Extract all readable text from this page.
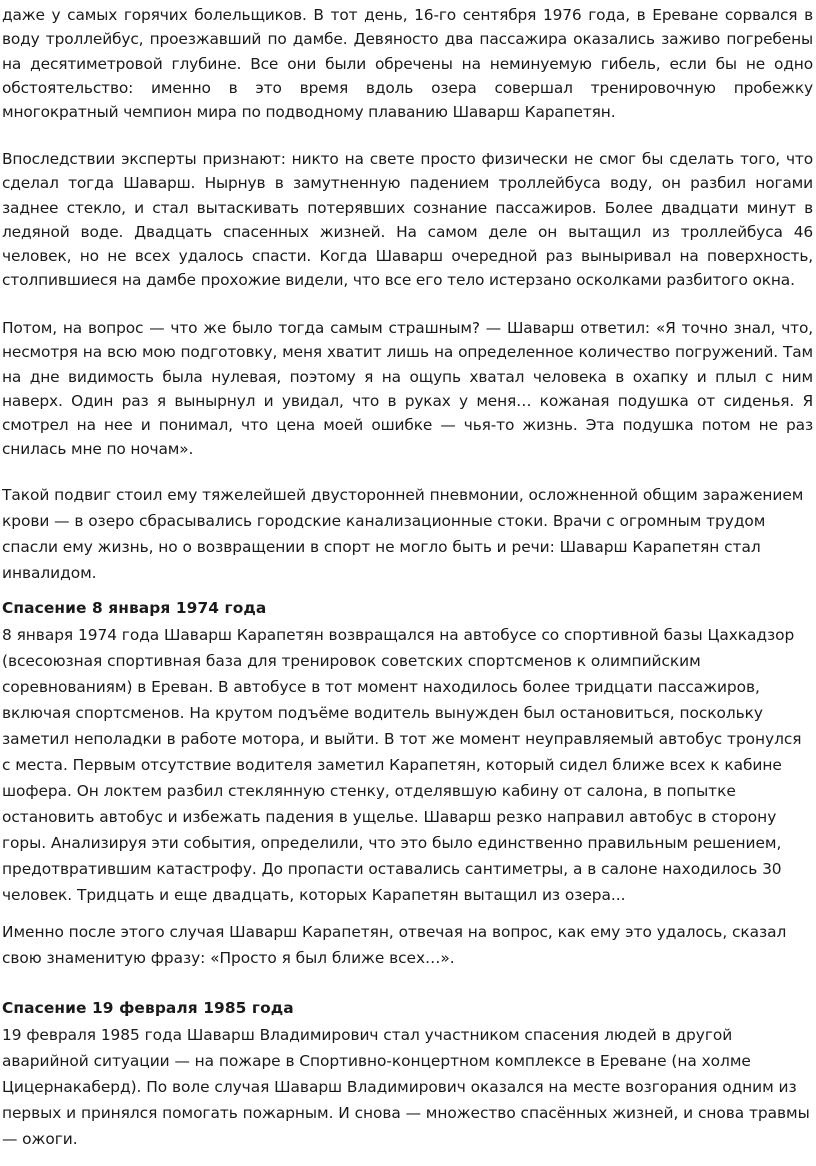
даже у самых горячих болельщиков. В тот день, 16-го сентября 1976 года, в Ереване сорвался в воду троллейбус, проезжавший по дамбе. Девяносто два пассажира оказались заживо погребены на десятиметровой глубине. Все они были обречены на неминуемую гибель, если бы не одно обстоятельство: именно в это время вдоль озера совершал тренировочную пробежку многократный чемпион мира по подводному плаванию Шаварш Карапетян.

Впоследствии эксперты признают: никто на свете просто физически не смог бы сделать того, что сделал тогда Шаварш. Нырнув в замутненную падением троллейбуса воду, он разбил ногами заднее стекло, и стал вытаскивать потерявших сознание пассажиров. Более двадцати минут в ледяной воде. Двадцать спасенных жизней. На самом деле он вытащил из троллейбуса 46 человек, но не всех удалось спасти. Когда Шаварш очередной раз выныривал на поверхность, столпившиеся на дамбе прохожие видели, что все его тело истерзано осколками разбитого окна.

Потом, на вопрос — что же было тогда самым страшным? — Шаварш ответил: «Я точно знал, что, несмотря на всю мою подготовку, меня хватит лишь на определенное количество погружений. Там на дне видимость была нулевая, поэтому я на ощупь хватал человека в охапку и плыл с ним наверх. Один раз я вынырнул и увидал, что в руках у меня… кожаная подушка от сиденья. Я смотрел на нее и понимал, что цена моей ошибке — чья-то жизнь. Эта подушка потом не раз снилась мне по ночам».

Такой подвиг стоил ему тяжелейшей двусторонней пневмонии, осложненной общим заражением крови — в озеро сбрасывались городские канализационные стоки. Врачи с огромным трудом спасли ему жизнь, но о возвращении в спорт не могло быть и речи: Шаварш Карапетян стал инвалидом.

Спасение 8 января 1974 года

8 января 1974 года Шаварш Карапетян возвращался на автобусе со спортивной базы Цахкадзор (всесоюзная спортивная база для тренировок советских спортсменов к олимпийским соревнованиям) в Ереван. В автобусе в тот момент находилось более тридцати пассажиров, включая спортсменов. На крутом подъёме водитель вынужден был остановиться, поскольку заметил неполадки в работе мотора, и выйти. В тот же момент неуправляемый автобус тронулся с места. Первым отсутствие водителя заметил Карапетян, который сидел ближе всех к кабине шофера. Он локтем разбил стеклянную стенку, отделявшую кабину от салона, в попытке остановить автобус и избежать падения в ущелье. Шаварш резко направил автобус в сторону горы. Анализируя эти события, определили, что это было единственно правильным решением, предотвратившим катастрофу. До пропасти оставались сантиметры, а в салоне находилось 30 человек. Тридцать и еще двадцать, которых Карапетян вытащил из озера...

Именно после этого случая Шаварш Карапетян, отвечая на вопрос, как ему это удалось, сказал свою знаменитую фразу: «Просто я был ближе всех…».

Спасение 19 февраля 1985 года

19 февраля 1985 года Шаварш Владимирович стал участником спасения людей в другой аварийной ситуации — на пожаре в Спортивно-концертном комплексе в Ереване (на холме Цицернакаберд). По воле случая Шаварш Владимирович оказался на месте возгорания одним из первых и принялся помогать пожарным. И снова — множество спасённых жизней, и снова травмы — ожоги.
